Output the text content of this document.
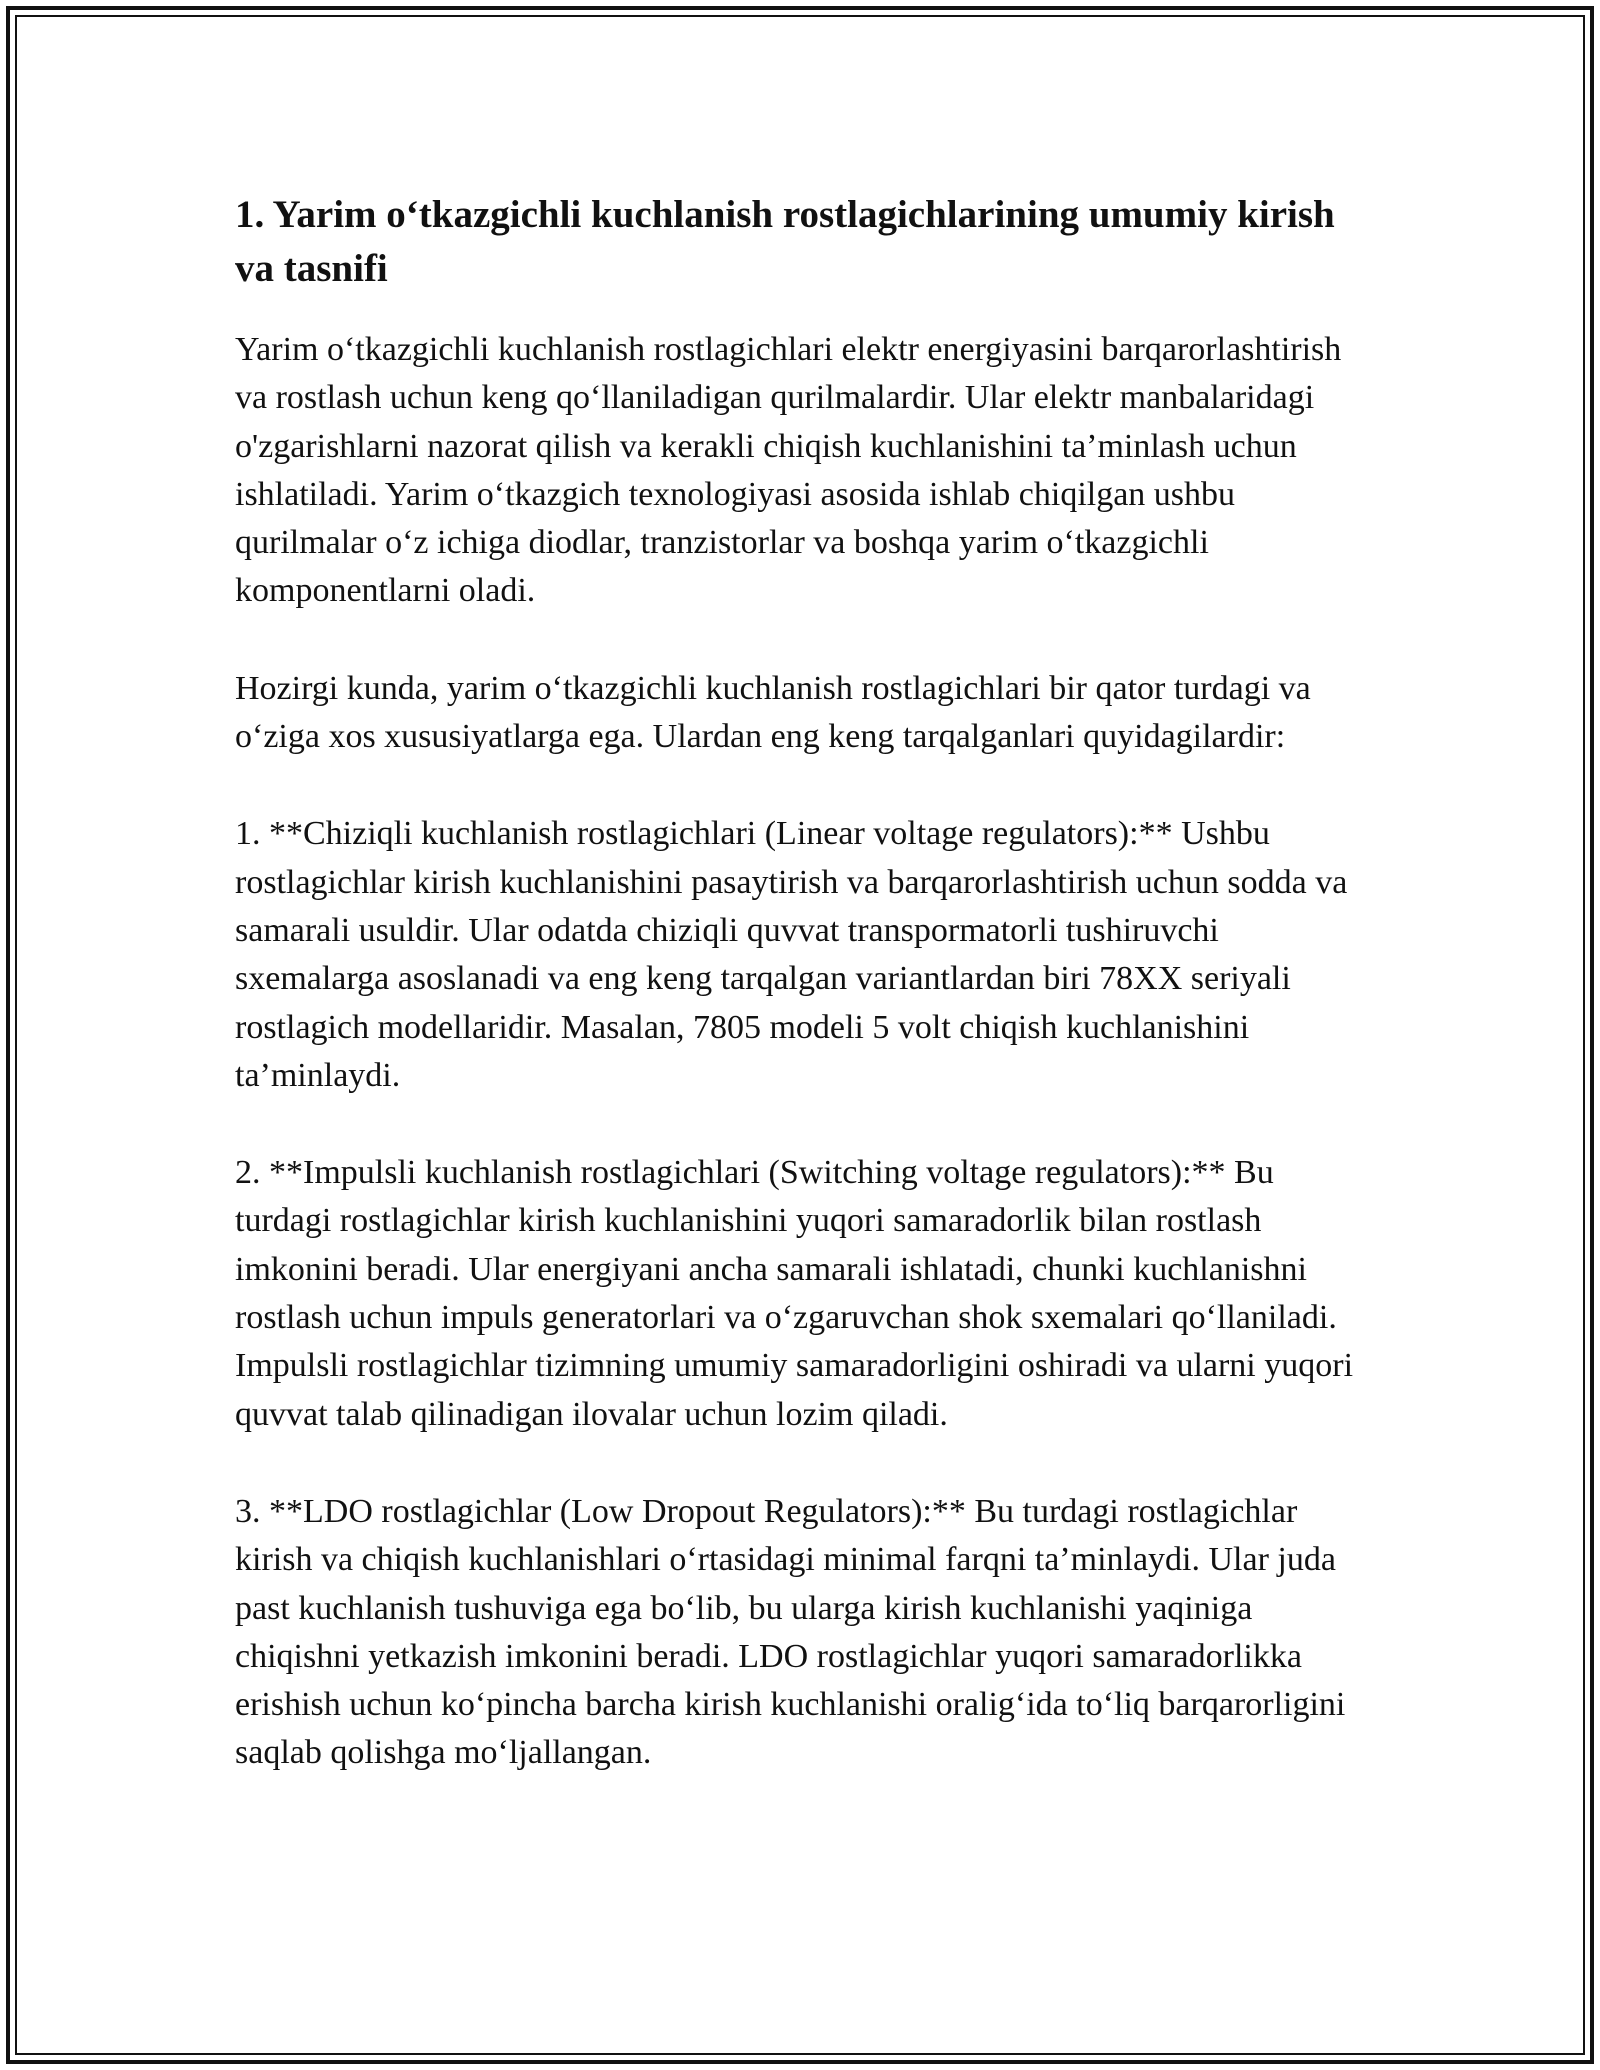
1. Yarim o‘tkazgichli kuchlanish rostlagichlarining umumiy kirish va tasnifi

Yarim o‘tkazgichli kuchlanish rostlagichlari elektr energiyasini barqarorlashtirish va rostlash uchun keng qo‘llaniladigan qurilmalardir. Ular elektr manbalaridagi o'zgarishlarni nazorat qilish va kerakli chiqish kuchlanishini ta’minlash uchun ishlatiladi. Yarim o‘tkazgich texnologiyasi asosida ishlab chiqilgan ushbu qurilmalar o‘z ichiga diodlar, tranzistorlar va boshqa yarim o‘tkazgichli komponentlarni oladi.

Hozirgi kunda, yarim o‘tkazgichli kuchlanish rostlagichlari bir qator turdagi va o‘ziga xos xususiyatlarga ega. Ulardan eng keng tarqalganlari quyidagilardir:

1. **Chiziqli kuchlanish rostlagichlari (Linear voltage regulators):** Ushbu rostlagichlar kirish kuchlanishini pasaytirish va barqarorlashtirish uchun sodda va samarali usuldir. Ular odatda chiziqli quvvat transpormatorli tushiruvchi sxemalarga asoslanadi va eng keng tarqalgan variantlardan biri 78XX seriyali rostlagich modellaridir. Masalan, 7805 modeli 5 volt chiqish kuchlanishini ta’minlaydi.

2. **Impulsli kuchlanish rostlagichlari (Switching voltage regulators):** Bu turdagi rostlagichlar kirish kuchlanishini yuqori samaradorlik bilan rostlash imkonini beradi. Ular energiyani ancha samarali ishlatadi, chunki kuchlanishni rostlash uchun impuls generatorlari va o‘zgaruvchan shok sxemalari qo‘llaniladi. Impulsli rostlagichlar tizimning umumiy samaradorligini oshiradi va ularni yuqori quvvat talab qilinadigan ilovalar uchun lozim qiladi.

3. **LDO rostlagichlar (Low Dropout Regulators):** Bu turdagi rostlagichlar kirish va chiqish kuchlanishlari o‘rtasidagi minimal farqni ta’minlaydi. Ular juda past kuchlanish tushuviga ega bo‘lib, bu ularga kirish kuchlanishi yaqiniga chiqishni yetkazish imkonini beradi. LDO rostlagichlar yuqori samaradorlikka erishish uchun ko‘pincha barcha kirish kuchlanishi oralig‘ida to‘liq barqarorligini saqlab qolishga mo‘ljallangan.
